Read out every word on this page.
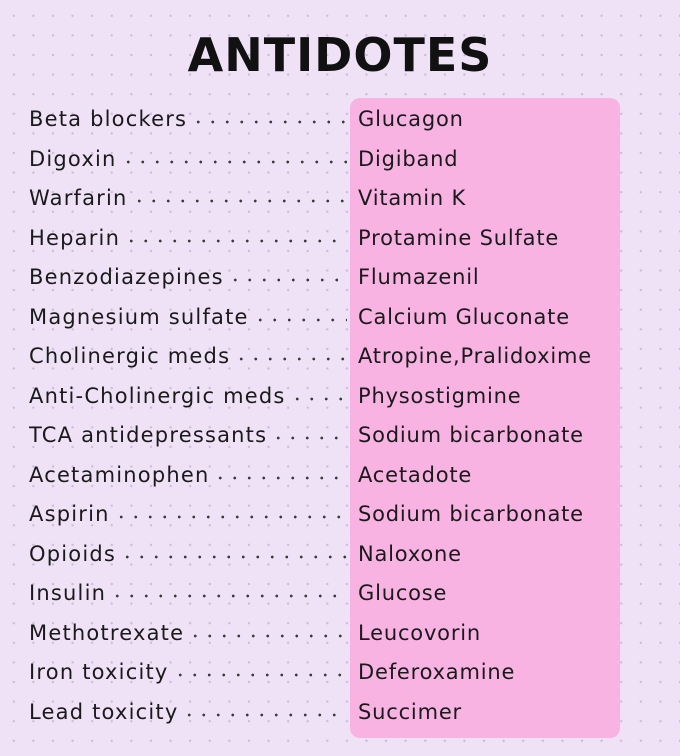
ANTIDOTES
Beta blockers	Glucagon
Digoxin	Digiband
Warfarin	Vitamin K
Heparin	Protamine Sulfate
Benzodiazepines	Flumazenil
Magnesium sulfate	Calcium Gluconate
Cholinergic meds	Atropine,Pralidoxime
Anti-Cholinergic meds	Physostigmine
TCA antidepressants	Sodium bicarbonate
Acetaminophen	Acetadote
Aspirin	Sodium bicarbonate
Opioids	Naloxone
Insulin	Glucose
Methotrexate	Leucovorin
Iron toxicity	Deferoxamine
Lead toxicity	Succimer
